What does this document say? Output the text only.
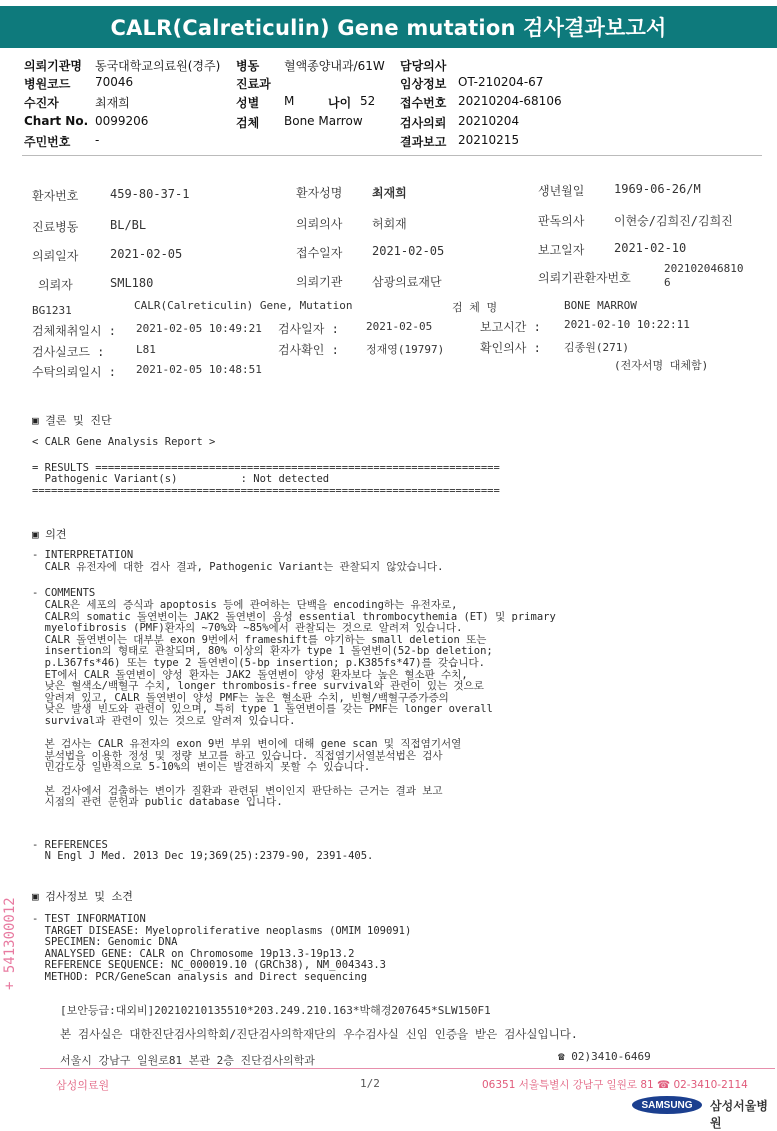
CALR(Calreticulin) Gene mutation 검사결과보고서
의뢰기관명 동국대학교의료원(경주) 병동 혈액종양내과/61W 담당의사
병원코드 70046	진료과	임상정보 OT-210204-67
수진자	최재희	성별 M	나이 52 접수번호 20210204-68106
Chart No. 0099206	검체 Bone Marrow	검사의뢰 20210204
주민번호 -	결과보고 20210215
환자번호	459-80-37-1	환자성명 최재희	생년월일 1969-06-26/M
진료병동	BL/BL	의뢰의사 허회재	판독의사 이현숭/김희진/김희진
의뢰일자	2021-02-05	접수일자 2021-02-05	보고일자 2021-02-10
의뢰자	SML180	의뢰기관 삼광의료재단	의뢰기관환자번호
202102046810
6
BG1231	CALR(Calreticulin) Gene, Mutation	검 체 명	BONE MARROW
검체채취일시 : 2021-02-05 10:49:21 검사일자 : 2021-02-05	보고시간 : 2021-02-10 10:22:11
검사실코드 :	L81	검사확인 : 정재영(19797)	확인의사 : 김종원(271)
수탁의뢰일시 : 2021-02-05 10:48:51	(전자서명 대체함)
▣ 결론 및 진단
< CALR Gene Analysis Report >
= RESULTS ================================================================
Pathogenic Variant(s)          : Not detected
==========================================================================
▣ 의견
- INTERPRETATION
CALR 유전자에 대한 검사 결과, Pathogenic Variant는 관찰되지 않았습니다.
- COMMENTS
CALR은 세포의 증식과 apoptosis 등에 관여하는 단백을 encoding하는 유전자로,
CALR의 somatic 돌연변이는 JAK2 돌연변이 음성 essential thrombocythemia (ET) 및 primary
myelofibrosis (PMF)환자의 ~70%와 ~85%에서 관찰되는 것으로 알려져 있습니다.
CALR 돌연변이는 대부분 exon 9번에서 frameshift를 야기하는 small deletion 또는
insertion의 형태로 관찰되며, 80% 이상의 환자가 type 1 돌연변이(52-bp deletion;
p.L367fs*46) 또는 type 2 돌연변이(5-bp insertion; p.K385fs*47)를 갖습니다.
ET에서 CALR 돌연변이 양성 환자는 JAK2 돌연변이 양성 환자보다 높은 혈소판 수치,
낮은 혈색소/백혈구 수치, longer thrombosis-free survival와 관련이 있는 것으로
알려져 있고, CALR 돌연변이 양성 PMF는 높은 혈소판 수치, 빈혈/백혈구증가증의
낮은 발생 빈도와 관련이 있으며, 특히 type 1 돌연변이를 갖는 PMF는 longer overall
survival과 관련이 있는 것으로 알려져 있습니다.

본 검사는 CALR 유전자의 exon 9번 부위 변이에 대해 gene scan 및 직접염기서열
분석법을 이용한 정성 및 정량 보고를 하고 있습니다. 직접염기서열분석법은 검사
민감도상 일반적으로 5-10%의 변이는 발견하지 못할 수 있습니다.

본 검사에서 검출하는 변이가 질환과 관련된 변이인지 판단하는 근거는 결과 보고
시점의 관련 문헌과 public database 입니다.
- REFERENCES
N Engl J Med. 2013 Dec 19;369(25):2379-90, 2391-405.
▣ 검사정보 및 소견
- TEST INFORMATION
TARGET DISEASE: Myeloproliferative neoplasms (OMIM 109091)
SPECIMEN: Genomic DNA
ANALYSED GENE: CALR on Chromosome 19p13.3-19p13.2
REFERENCE SEQUENCE: NC_000019.10 (GRCh38), NM_004343.3
METHOD: PCR/GeneScan analysis and Direct sequencing
+ 541300012
[보안등급:대외비]20210210135510*203.249.210.163*박해경207645*SLW150F1
본 검사실은 대한진단검사의학회/진단검사의학재단의 우수검사실 신임 인증을 받은 검사실입니다.
서울시 강남구 일원로81 본관 2층 진단검사의학과	☎ 02)3410-6469
삼성의료원	1/2	06351 서울특별시 강남구 일원로 81 ☎ 02-3410-2114
SAMSUNG	삼성서울병원
